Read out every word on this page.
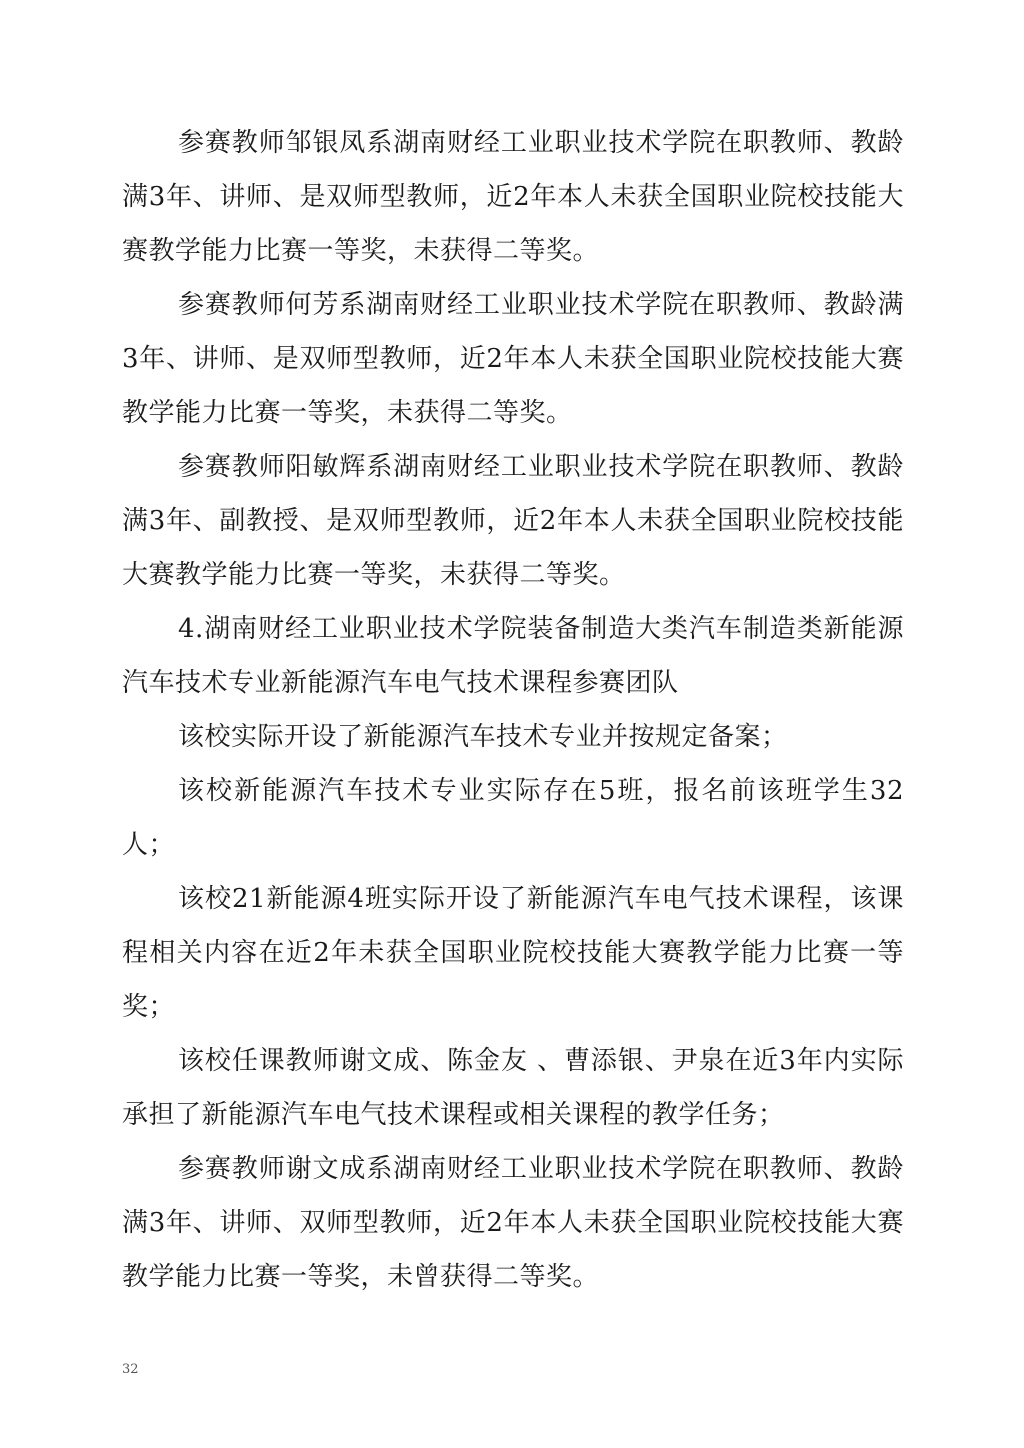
参赛教师邹银凤系湖南财经工业职业技术学院在职教师、教龄满3年、讲师、是双师型教师，近2年本人未获全国职业院校技能大赛教学能力比赛一等奖，未获得二等奖。

参赛教师何芳系湖南财经工业职业技术学院在职教师、教龄满3年、讲师、是双师型教师，近2年本人未获全国职业院校技能大赛教学能力比赛一等奖，未获得二等奖。

参赛教师阳敏辉系湖南财经工业职业技术学院在职教师、教龄满3年、副教授、是双师型教师，近2年本人未获全国职业院校技能大赛教学能力比赛一等奖，未获得二等奖。

4.湖南财经工业职业技术学院装备制造大类汽车制造类新能源汽车技术专业新能源汽车电气技术课程参赛团队

该校实际开设了新能源汽车技术专业并按规定备案；

该校新能源汽车技术专业实际存在5班，报名前该班学生32人；

该校21新能源4班实际开设了新能源汽车电气技术课程，该课程相关内容在近2年未获全国职业院校技能大赛教学能力比赛一等奖；

该校任课教师谢文成、陈金友 、曹添银、尹泉在近3年内实际承担了新能源汽车电气技术课程或相关课程的教学任务；

参赛教师谢文成系湖南财经工业职业技术学院在职教师、教龄满3年、讲师、双师型教师，近2年本人未获全国职业院校技能大赛教学能力比赛一等奖，未曾获得二等奖。

32
